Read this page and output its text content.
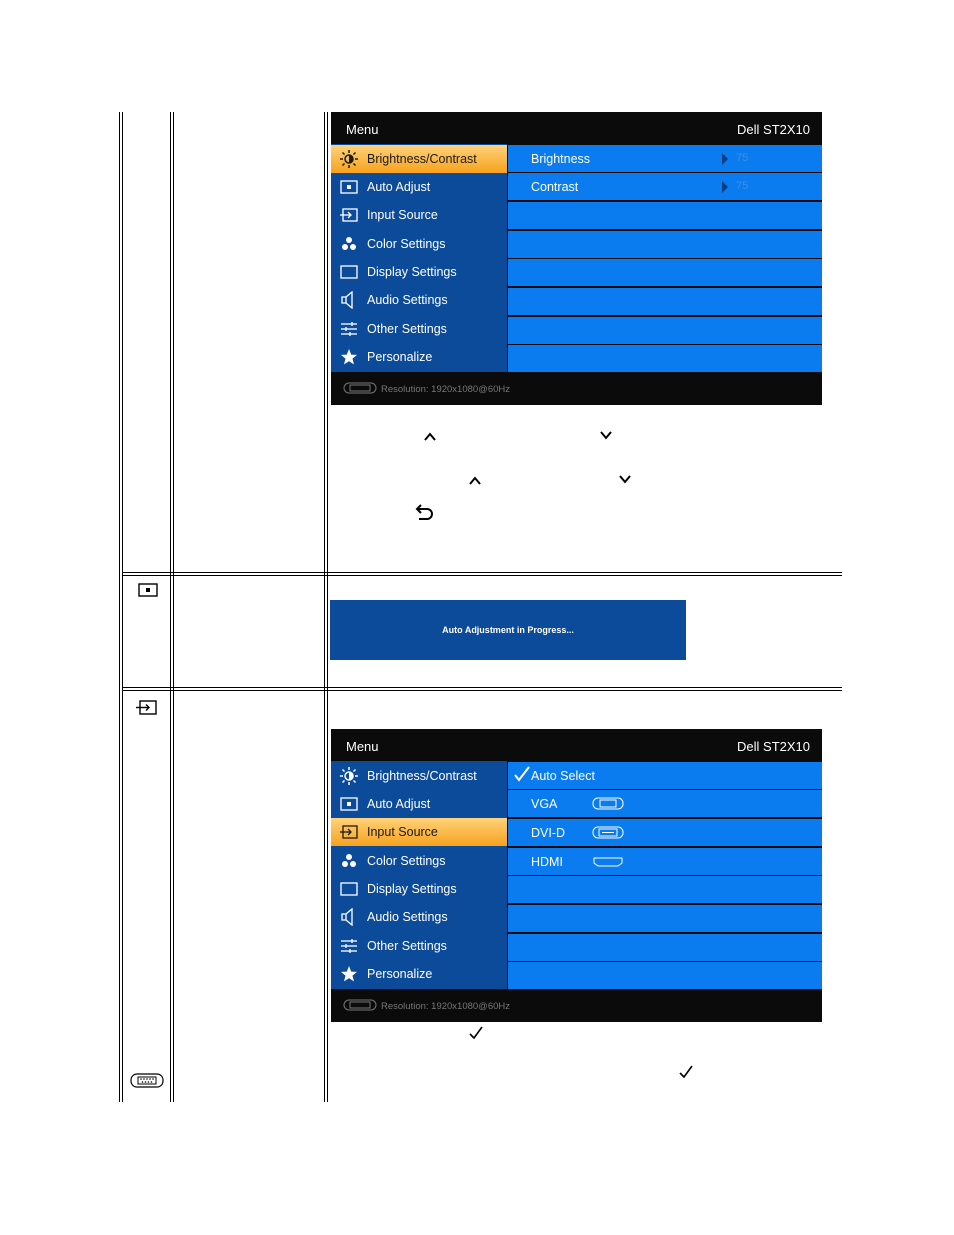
Menu	Dell ST2X10
Brightness/Contrast
Auto Adjust
Input Source
Color Settings
Display Settings
Audio Settings
Other Settings
Personalize
Brightness	75
Contrast	75
Resolution: 1920x1080@60Hz
Auto Adjustment in Progress...
Menu	Dell ST2X10
Brightness/Contrast
Auto Adjust
Input Source
Color Settings
Display Settings
Audio Settings
Other Settings
Personalize
Auto Select
VGA
DVI-D
HDMI
Resolution: 1920x1080@60Hz
